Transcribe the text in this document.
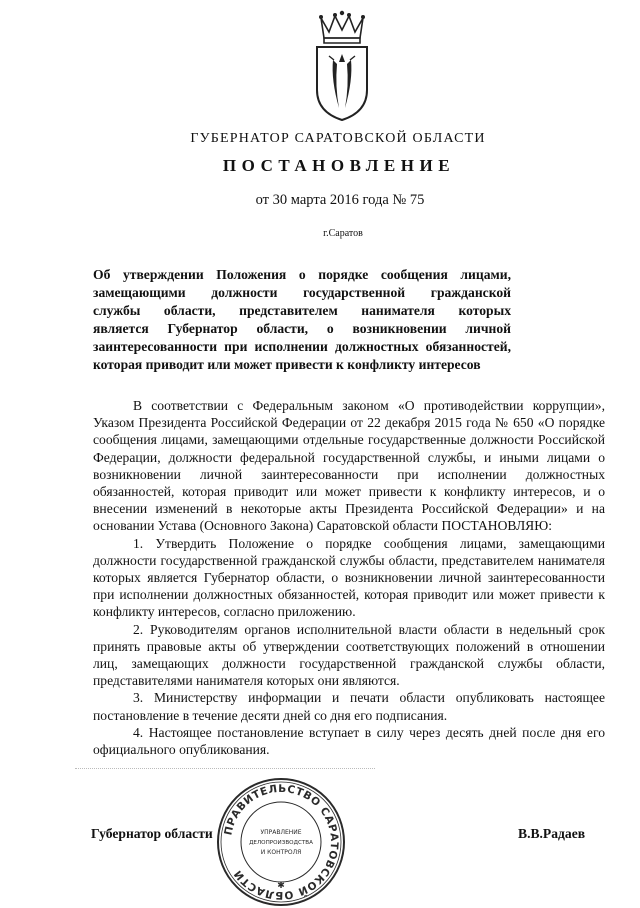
ГУБЕРНАТОР САРАТОВСКОЙ ОБЛАСТИ
ПОСТАНОВЛЕНИЕ
от 30 марта 2016 года № 75
г.Саратов
Об утверждении Положения о порядке сообщения лицами,
замещающими должности государственной гражданской
службы области, представителем нанимателя которых
является Губернатор области, о возникновении личной
заинтересованности при исполнении должностных обязанностей,
которая приводит или может привести к конфликту интересов

В соответствии с Федеральным законом «О противодействии коррупции», Указом Президента Российской Федерации от 22 декабря 2015 года № 650 «О порядке сообщения лицами, замещающими отдельные государственные должности Российской Федерации, должности федеральной государственной службы, и иными лицами о возникновении личной заинтересованности при исполнении должностных обязанностей, которая приводит или может привести к конфликту интересов, и о внесении изменений в некоторые акты Президента Российской Федерации» и на основании Устава (Основного Закона) Саратовской области ПОСТАНОВЛЯЮ:

1. Утвердить Положение о порядке сообщения лицами, замещающими должности государственной гражданской службы области, представителем нанимателя которых является Губернатор области, о возникновении личной заинтересованности при исполнении должностных обязанностей, которая приводит или может привести к конфликту интересов, согласно приложению.

2. Руководителям органов исполнительной власти области в недельный срок принять правовые акты об утверждении соответствующих положений в отношении лиц, замещающих должности государственной гражданской службы области, представителями нанимателя которых они являются.

3. Министерству информации и печати области опубликовать настоящее постановление в течение десяти дней со дня его подписания.

4. Настоящее постановление вступает в силу через десять дней после дня его официального опубликования.

Губернатор области	В.В.Радаев
ПРАВИТЕЛЬСТВО САРАТОВСКОЙ ОБЛАСТИ
УПРАВЛЕНИЕ
ДЕЛОПРОИЗВОДСТВА
И КОНТРОЛЯ
✱
